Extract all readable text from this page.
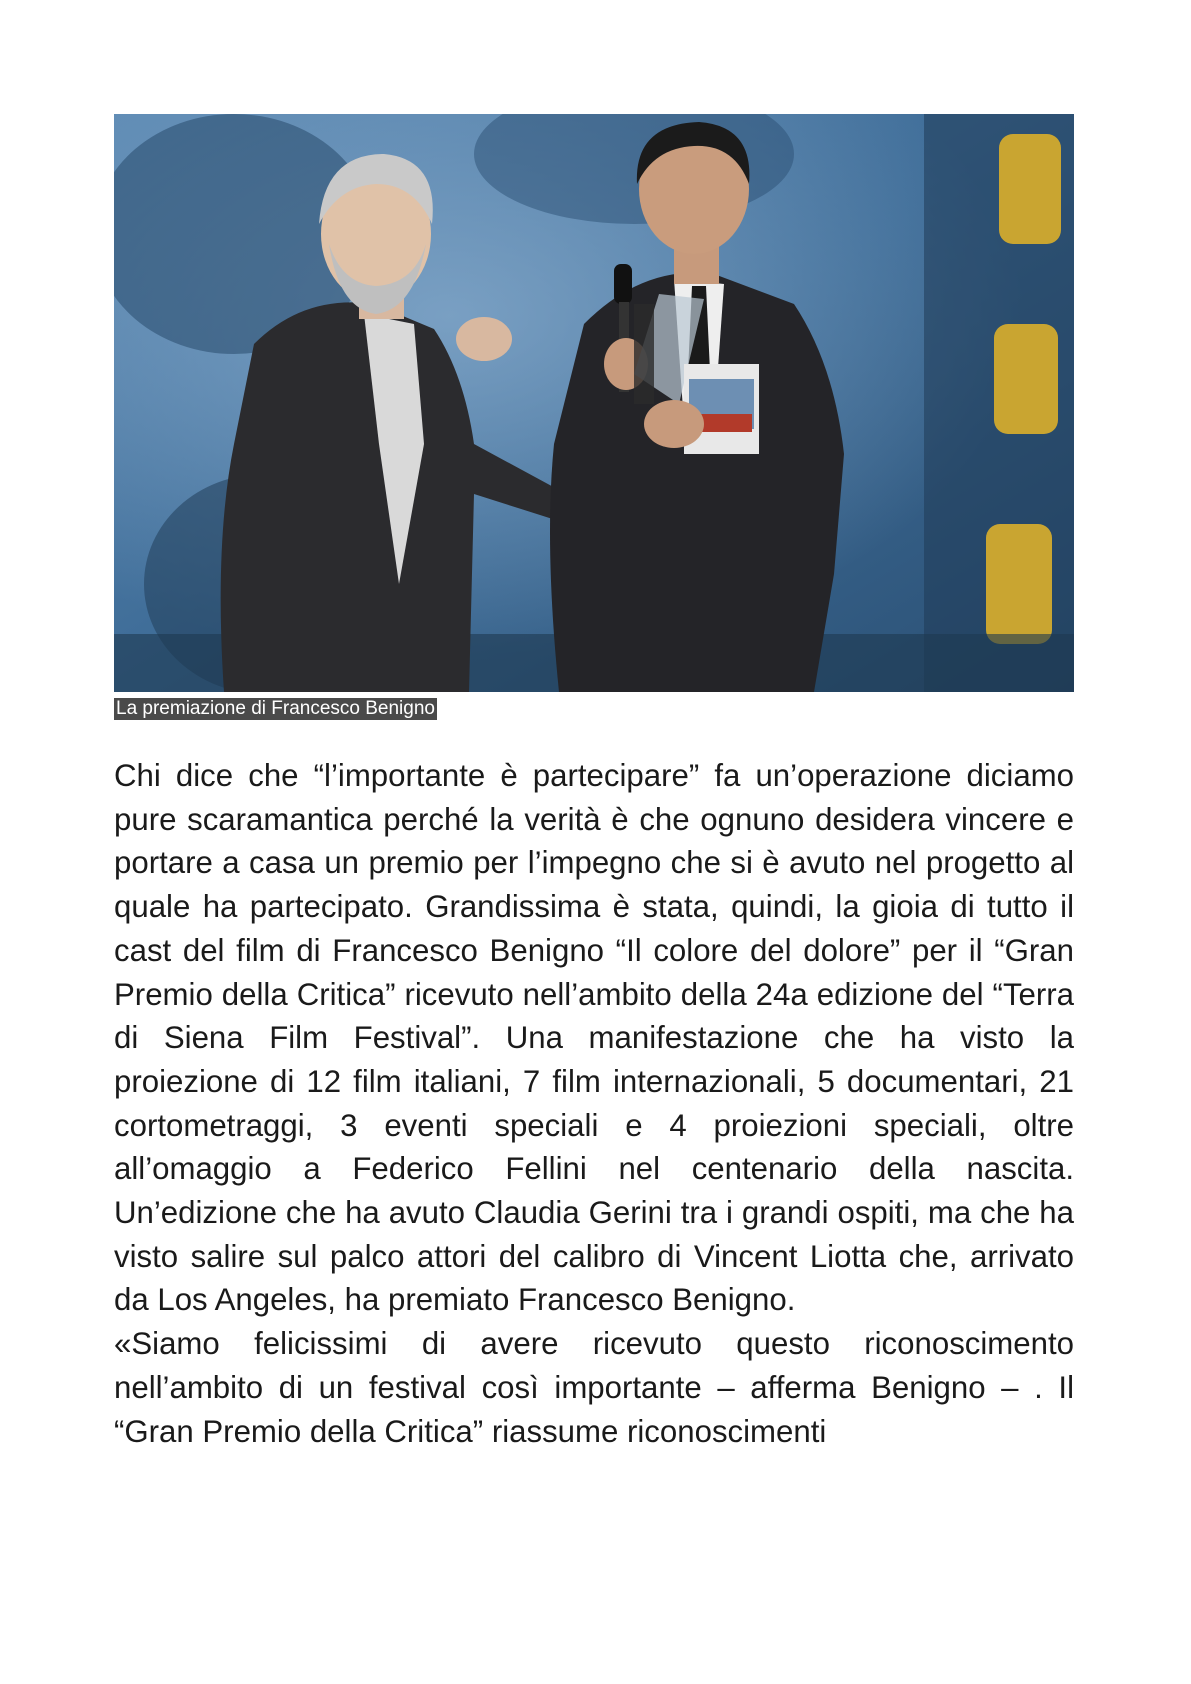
La premiazione di Francesco Benigno

Chi dice che “l’importante è partecipare” fa un’operazione diciamo pure scaramantica perché la verità è che ognuno desidera vincere e portare a casa un premio per l’impegno che si è avuto nel progetto al quale ha partecipato. Grandissima è stata, quindi, la gioia di tutto il cast del film di Francesco Benigno “Il colore del dolore” per il “Gran Premio della Critica” ricevuto nell’ambito della 24a edizione del “Terra di Siena Film Festival”. Una manifestazione che ha visto la proiezione di 12 film italiani, 7 film internazionali, 5 documentari, 21 cortometraggi, 3 eventi speciali e 4 proiezioni speciali, oltre all’omaggio a Federico Fellini nel centenario della nascita. Un’edizione che ha avuto Claudia Gerini tra i grandi ospiti, ma che ha visto salire sul palco attori del calibro di Vincent Liotta che, arrivato da Los Angeles, ha premiato Francesco Benigno.

«Siamo felicissimi di avere ricevuto questo riconoscimento nell’ambito di un festival così importante – afferma Benigno – . Il “Gran Premio della Critica” riassume riconoscimenti
